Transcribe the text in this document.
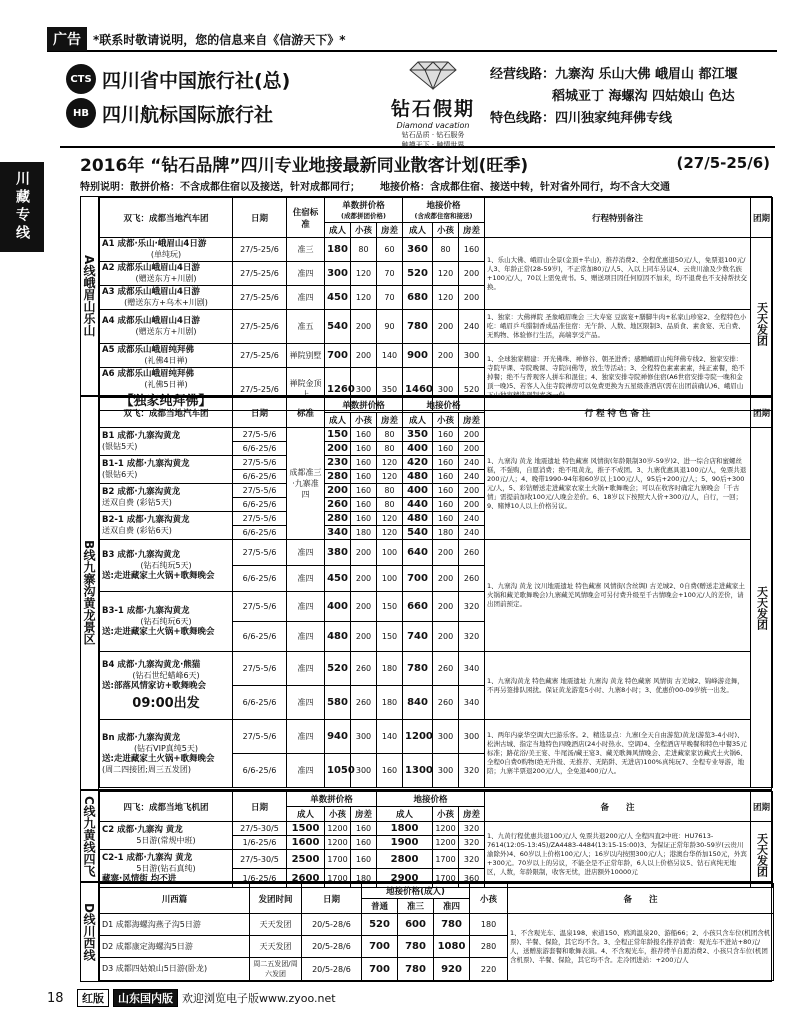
广告	*联系时敬请说明，您的信息来自《信游天下》*
川藏专线
CTS 四川省中国旅行社(总)
HB 四川航标国际旅行社	钻石假期
Diamond vacation
钻石品质 · 钻石服务
触摸天下 · 触情世界
经营线路：九寨沟 乐山大佛 峨眉山 都江堰
稻城亚丁 海螺沟 四姑娘山 色达
特色线路：四川独家纯拜佛专线
2016年 “钻石品牌”四川专业地接最新同业散客计划(旺季)	(27/5-25/6)
特别说明：散拼价格：不含成都住宿以及接送，针对成都同行； 地接价格：含成都住宿、接送中转，针对省外同行，均不含大交通
A线峨眉山乐山
双飞：成都当地汽车团	日期	住宿标准	单数拼价格
(成都拼团价格)			地接价格
(含成都住宿和接送)			行程特别备注	团期
			成人	小孩	房差	成人	小孩	房差		

A1 成都·乐山·峨眉山4日游
(单纯玩)	27/5-25/6	准三	180	80	60	360	80	160	1、乐山大佛、峨眉山全景(金顶+半山)，推荐消费2、全程优惠退50元/人，免票退100元/人3、年龄正常(28-59岁)，不正常加80元/人5、入以上同车另议4、云贵川渝及少数名族+100元/人，70以上需免责书。5、赠送项目因任何原因不加来，均不退费也不支持帮扶交换。	天天发团

A2 成都乐山峨眉山4日游
(赠送东方+川剧)	27/5-25/6	准四	300	120	70	520	120	200		

A3 成都乐山峨眉山4日游
(赠送东方+乌木+川剧)	27/5-25/6	准四	450	120	70	680	120	200		

A4 成都乐山峨眉山4日游
(赠送东方+川剧)	27/5-25/6	准五	540	200	90	780	200	240	1、独家：大佛禅院 圣象峨眉晚会 三大寿宴 豆腐宴+膳脚牛肉+私家山珍宴2、全程特色小吃：峨眉乒乓腊制香成品准住宿：无午龄、人数、地区限制3、品质食、素食宴、无自费、无购物、体验修行生活，高端享受产品。	

A5 成都乐山峨眉纯拜佛
(礼佛4日禅)	27/5-25/6	禅院别墅	700	200	140	900	200	300	1、全球独家精建：开光佛珠、禅修谷、朝圣进香；感赠峨眉山纯拜佛专线2、独家安排：寺院早课、寺院晚课、寺院问佛等，放生等活动；3、全程特色素素素素，纯正素餐，绝不掉餐；绝不与普观客人拼车和混住；4、独家安排寺院禅修住宿(A6世宿安排寺院一晚和金顶一晚)5、若客人入住寺院禅房可以免费更换为五星级准酒店(需在出团前确认)6、峨眉山下山独家精选现制素斋一份。	

A6 成都乐山峨眉纯拜佛
(礼佛5日禅)
【独家纯拜佛】	27/5-25/6	禅院金顶上	1260	300	350	1460	300	520		
B线九寨沟黄龙景区
双飞：成都当地汽车团	日期	标准	单数拼价格			地接价格			行 程 特 色 备 注	团期
			成人	小孩	房差	成人	小孩	房差		

B1 成都·九寨沟黄龙
(银钻5天)	27/5-5/6	成都准三·九寨准四	150	160	80	350	160	200	1、九寨沟 黄龙 地震遗址 特色藏寨 风情街(年龄限制30岁-59岁)2、进一综合店和蜜螺丝糕，不强购，自愿消费；绝不甩黄龙，推子不成团。3、九寨优惠具退100元/人，免票共退200元/人；4、晚带1990-94年和60岁以上100元/人，95后+200元/人；5、90后+300元/人，5、彩钻赠送走进藏家农家土火锅+歌舞晚会；可以在收客时确定九寨晚会「千古情」需提前加收100元/人晚会差价。6、18岁以下按照大人价+300元/人，自行，一回；9、赌博10人以上价格另议。	天天发团
	6/6-25/6		200	160	80	400	160	200		

B1-1 成都·九寨沟黄龙
(银钻6天)	27/5-5/6		230	160	120	420	160	240		
	6/6-25/6		280	160	120	480	160	240		

B2 成都·九寨沟黄龙
送双自费 (彩钻5天)	27/5-5/6		200	160	80	400	160	200		
	6/6-25/6		260	160	80	440	160	200		

B2-1 成都·九寨沟黄龙
送双自费 (彩钻6天)	27/5-5/6		280	160	120	480	160	240		
	6/6-25/6		340	180	120	540	180	240		

B3 成都·九寨沟黄龙
(钻石纯玩5天)
送:走进藏家土火锅+歌舞晚会	27/5-5/6	准四	380	200	100	640	200	260	1、九寨沟 黄龙 汶川地震遗址 特色藏寨 风情街(含丝绸) 古羌城2、0自费(赠送走进藏家土火锅和藏羌歌舞晚会)九寨藏羌风情晚会可另付费升级至千古情晚会+100元/人的差价，请出团前预定。	
	6/6-25/6	准四	450	200	100	700	200	260		

B3-1 成都·九寨沟黄龙
(钻石纯玩6天)
送:走进藏家土火锅+歌舞晚会	27/5-5/6	准四	400	200	150	660	200	320		
	6/6-25/6	准四	480	200	150	740	200	320		

B4 成都·九寨沟黄龙·熊猫
(钻石世纪蜡峰6天)
送:部落风情家访+歌舞晚会
09:00出发	27/5-5/6	准四	520	260	180	780	260	340	1、九寨沟黄龙 特色藏寨 地震遗址 九寨沟 黄龙 特色藏寨 风情街 古羌城2、锦峰游竞舞，不再另签排队困扰。保证黄龙游览5小时、九寨8小时；3、优惠价00-09岁统一出发。	
	6/6-25/6	准四	580	260	180	840	260	340		

Bn 成都·九寨沟黄龙
(钻石VIP真纯5天)
送:走进藏家土火锅+歌舞晚会
(周二四接团;周三五发团)	27/5-5/6	准四	940	300	140	1200	300	300	1、两年内豪华空调大巴游乐客。2、精选景点：九寨(全天自由游览)黄龙(游览3-4小时)、松洲古城、指定当地特色四晚酒店(24小时热水、空调)4、全程酒店早晚餐和特色中餐35元标准；路花浴/美王宴、牛尾汤/藏王宴3、藏羌歌舞风情晚会、走进藏家家访藏式土火锅6、全程0自费0购物(绝无升级、无推荐、无陷阱、无进店)100%真纯玩7、全程专业导游，地陪；九寨半票退200元/人，全免退400元/人。	
	6/6-25/6	准四	1050	300	160	1300	300	320		
C线九黄线四飞	四飞：成都当地飞机团	日期	单数拼价格			地接价格			备　　注	团期
		成人	小孩	房差	成人	小孩	房差		

C2 成都·九寨沟 黄龙
5日游(常规中班)	27/5-30/5	1500	1200	160	1800	1200	320	1、九黄行程优惠共退100元/人 免票共退200元/人 全程四直2中班：HU7613-7614(12:05-13:45)/ZA4483-4484(13:15-15:00)3、为保证正常年龄30-59岁(云贵川渝除外)4、60岁以上价格100元/人；16岁以内按照300元/人；港澳台华侨加150元，外宾+300元。70岁以上的另议，不能全是不正常年龄，6人以上价格另议5、钻石真纯无地区，人数，年龄限制，收客无忧，进店额外10000元	天天发团
	1/6-25/6	1600	1200	160	1900	1200	320		

C2-1 成都·九寨沟 黄龙
5日游(钻石真纯)
藏寨·风情街 均不进	27/5-30/5	2500	1700	160	2800	1700	320		
	1/6-25/6	2600	1700	180	2900	1700	360		
D线川西线
川西篇	发团时间	日期	地接价格(成人)			小孩	备　　注
			普通	准三	准四		
D1 成都海螺沟燕子沟5日游	天天发团	20/5-28/6	520	600	780	180	1、不含观光车、温泉198、索道150、鸥鸿温泉20、游船66；2、小孩只含车位(机团含机票)、半餐、保险，其它均不含。3、全程正常年龄报名推荐消费：观光车不进站+80元/人，送赠旅游套餐和歌舞表演。4、不含观光车，推荐烤羊自愿消费2、小孩只含车位(机团含机票)、半餐、保险，其它均不含。走冷团进站：+200元/人
D2 成都康定海螺沟5日游	天天发团	20/5-28/6	700	780	1080	280	
D3 成都四姑娘山5日游(卧龙)	周二五发团/周六发团	20/5-28/6	700	780	920	220	
18	红版	山东国内版 欢迎浏览电子版www.zyoo.net
